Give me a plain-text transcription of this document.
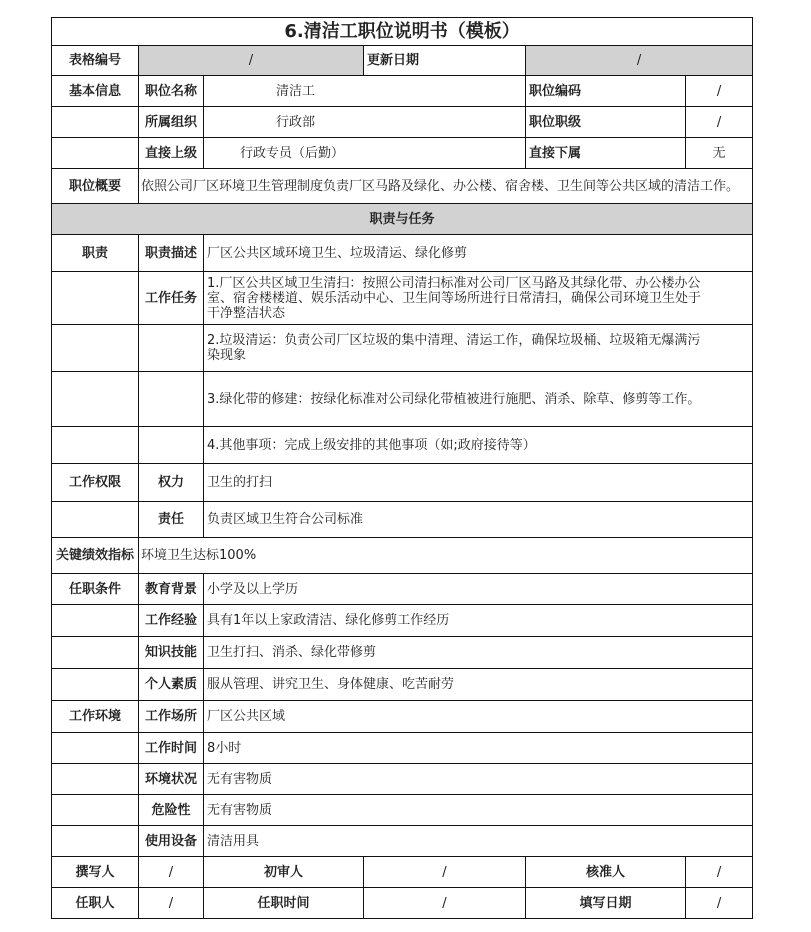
6.清洁工职位说明书（模板）					
表格编号	/		更新日期	/	
基本信息	职位名称	清洁工		职位编码	/
	所属组织	行政部		职位职级	/
	直接上级	行政专员（后勤）		直接下属	无
职位概要	依照公司厂区环境卫生管理制度负责厂区马路及绿化、办公楼、宿舍楼、卫生间等公共区域的清洁工作。				
职责与任务					
职责	职责描述	厂区公共区域环境卫生、垃圾清运、绿化修剪			
	工作任务	1.厂区公共区域卫生清扫：按照公司清扫标准对公司厂区马路及其绿化带、办公楼办公室、宿舍楼楼道、娱乐活动中心、卫生间等场所进行日常清扫，确保公司环境卫生处于干净整洁状态			
		2.垃圾清运：负责公司厂区垃圾的集中清理、清运工作，确保垃圾桶、垃圾箱无爆满污染现象			
		3.绿化带的修建：按绿化标准对公司绿化带植被进行施肥、消杀、除草、修剪等工作。			
		4.其他事项：完成上级安排的其他事项（如;政府接待等）			
工作权限	权力	卫生的打扫			
	责任	负责区域卫生符合公司标准			
关键绩效指标	环境卫生达标100%				
任职条件	教育背景	小学及以上学历			
	工作经验	具有1年以上家政清洁、绿化修剪工作经历			
	知识技能	卫生打扫、消杀、绿化带修剪			
	个人素质	服从管理、讲究卫生、身体健康、吃苦耐劳			
工作环境	工作场所	厂区公共区域			
	工作时间	8小时			
	环境状况	无有害物质			
	危险性	无有害物质			
	使用设备	清洁用具			
撰写人	/	初审人	/	核准人	/
任职人	/	任职时间	/	填写日期	/
